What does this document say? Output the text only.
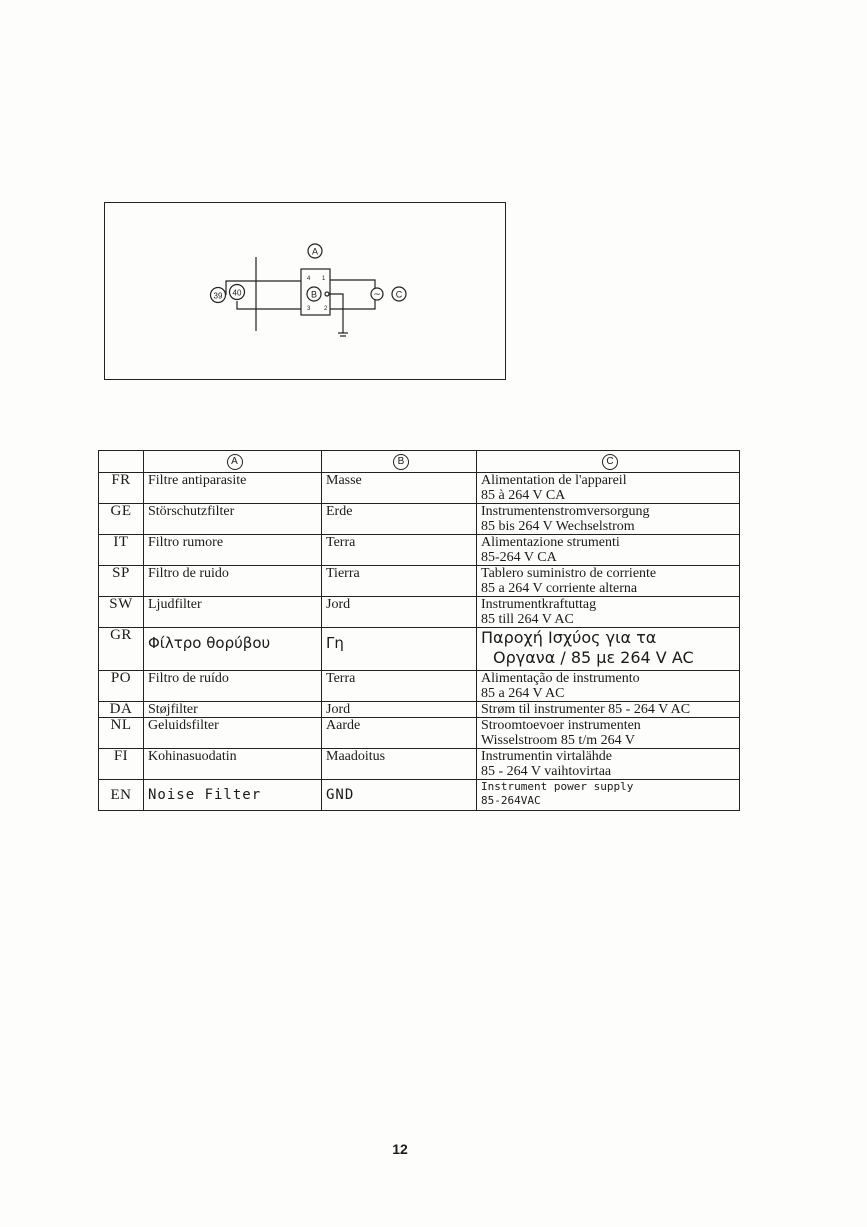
39 40
4 1
3 2
B	~ C
A
	A	B	C
FR	Filtre antiparasite	Masse	Alimentation de l'appareil
85 à 264 V CA

GE	Störschutzfilter	Erde	Instrumentenstromversorgung
85 bis 264 V Wechselstrom

IT	Filtro rumore	Terra	Alimentazione strumenti
85-264 V CA

SP	Filtro de ruido	Tierra	Tablero suministro de corriente
85 a 264 V corriente alterna

SW	Ljudfilter	Jord	Instrumentkraftuttag
85 till 264 V AC

GR	Φίλτρο θορύβου	Γη	Παροχή Ισχύος για τα
Οργανα / 85 με 264 V AC

PO	Filtro de ruído	Terra	Alimentação de instrumento
85 a 264 V AC

DA	Støjfilter	Jord	Strøm til instrumenter 85 - 264 V AC

NL	Geluidsfilter	Aarde	Stroomtoevoer instrumenten
Wisselstroom 85 t/m 264 V

FI	Kohinasuodatin	Maadoitus	Instrumentin virtalähde
85 - 264 V vaihtovirtaa

EN	Noise Filter	GND	Instrument power supply
85-264VAC
12
